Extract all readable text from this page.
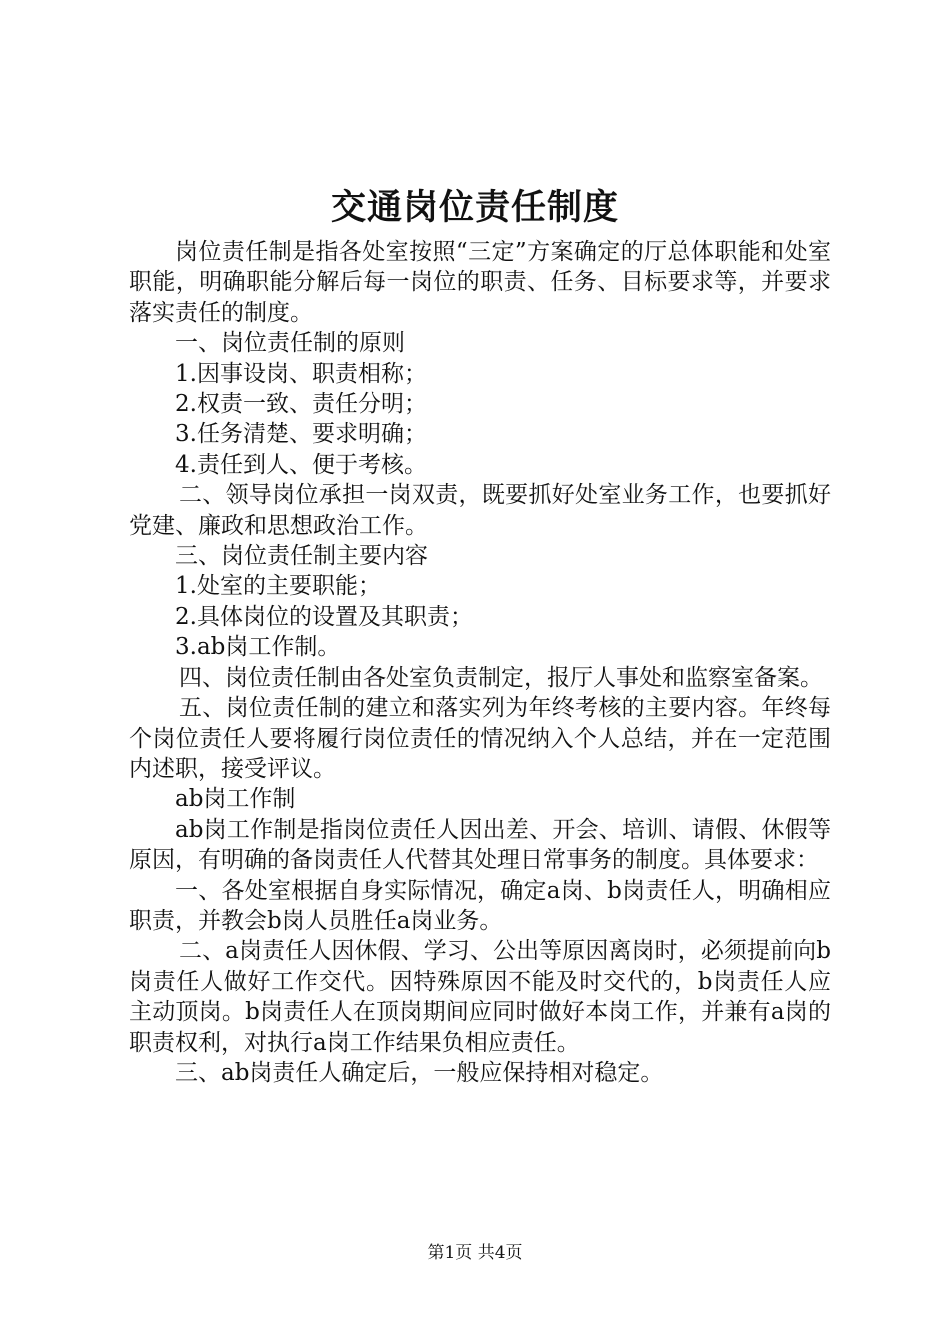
交通岗位责任制度

岗位责任制是指各处室按照“三定”方案确定的厅总体职能和处室职能，明确职能分解后每一岗位的职责、任务、目标要求等，并要求落实责任的制度。

一、岗位责任制的原则

1.因事设岗、职责相称；

2.权责一致、责任分明；

3.任务清楚、要求明确；

4.责任到人、便于考核。

二、领导岗位承担一岗双责，既要抓好处室业务工作，也要抓好党建、廉政和思想政治工作。

三、岗位责任制主要内容

1.处室的主要职能；

2.具体岗位的设置及其职责；

3.ab岗工作制。

四、岗位责任制由各处室负责制定，报厅人事处和监察室备案。

五、岗位责任制的建立和落实列为年终考核的主要内容。年终每个岗位责任人要将履行岗位责任的情况纳入个人总结，并在一定范围内述职，接受评议。

ab岗工作制

ab岗工作制是指岗位责任人因出差、开会、培训、请假、休假等原因，有明确的备岗责任人代替其处理日常事务的制度。具体要求：

一、各处室根据自身实际情况，确定a岗、b岗责任人，明确相应职责，并教会b岗人员胜任a岗业务。

二、a岗责任人因休假、学习、公出等原因离岗时，必须提前向b岗责任人做好工作交代。因特殊原因不能及时交代的，b岗责任人应主动顶岗。b岗责任人在顶岗期间应同时做好本岗工作，并兼有a岗的职责权利，对执行a岗工作结果负相应责任。

三、ab岗责任人确定后，一般应保持相对稳定。

第1页 共4页
